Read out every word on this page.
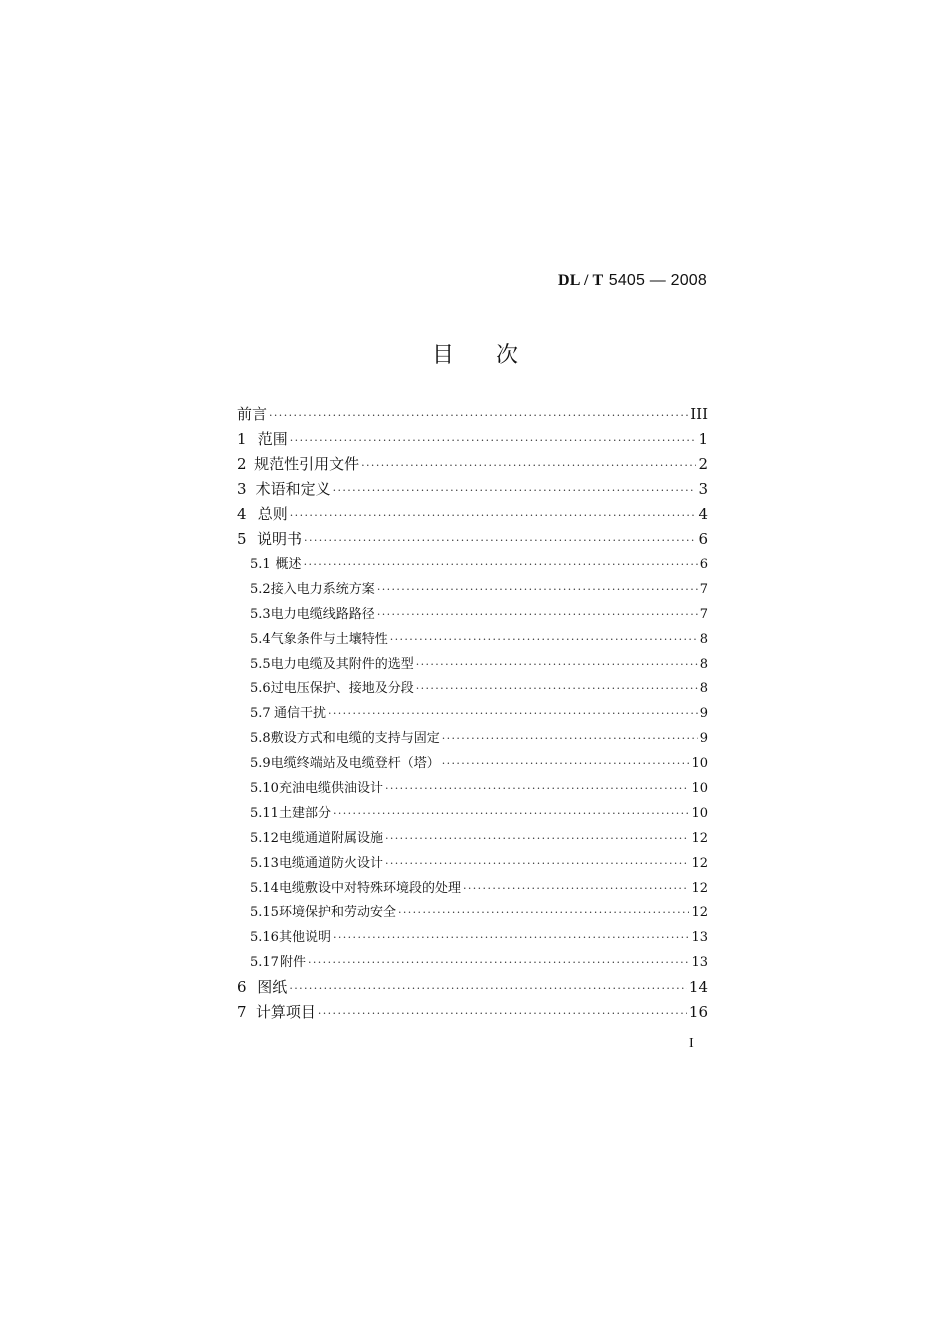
DL / T 5405 — 2008
目次
前言 ·····	III
1 范围 ·····	1
2 规范性引用文件 ·····	2
3 术语和定义 ·····	3
4 总则 ·····	4
5 说明书 ·····	6
5.1 概述 ·····	6
5.2 接入电力系统方案 ·····	7
5.3 电力电缆线路路径 ·····	7
5.4 气象条件与土壤特性 ·····	8
5.5 电力电缆及其附件的选型 ·····	8
5.6 过电压保护、接地及分段 ·····	8
5.7 通信干扰 ·····	9
5.8 敷设方式和电缆的支持与固定 ·····	9
5.9 电缆终端站及电缆登杆（塔） ·····	10
5.10 充油电缆供油设计 ·····	10
5.11 土建部分 ·····	10
5.12 电缆通道附属设施 ·····	12
5.13 电缆通道防火设计 ·····	12
5.14 电缆敷设中对特殊环境段的处理 ·····	12
5.15 环境保护和劳动安全 ·····	12
5.16 其他说明 ·····	13
5.17 附件 ·····	13
6 图纸 ·····	14
7 计算项目 ·····	16
I
